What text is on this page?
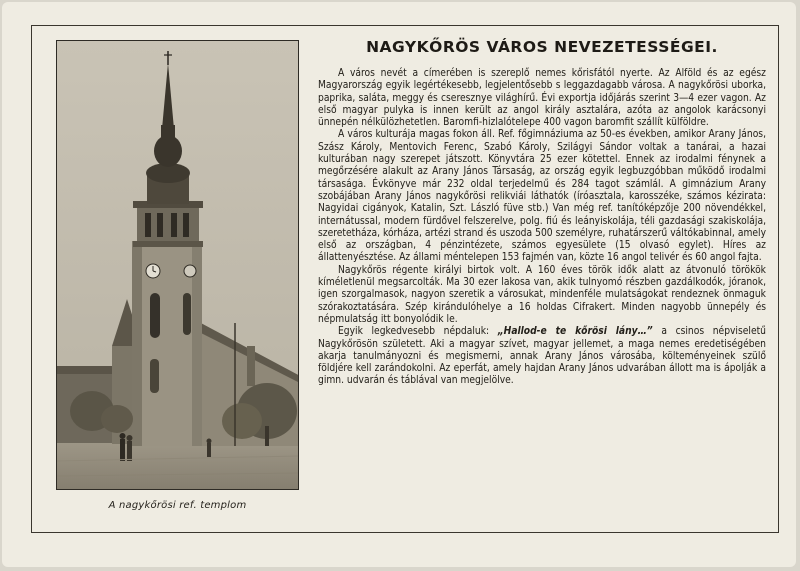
A nagykőrösi ref. templom
NAGYKŐRÖS VÁROS NEVEZETESSÉGEI.

A város nevét a címerében is szereplő nemes kőrisfától nyerte. Az Alföld és az egész Magyarország egyik legértékesebb, legjelentősebb s leggazdagabb városa. A nagykőrösi uborka, paprika, saláta, meggy és cseresznye világhírű. Évi exportja időjárás szerint 3—4 ezer vagon. Az első magyar pulyka is innen került az angol király asztalára, azóta az angolok karácsonyi ünnepén nélkülözhetetlen. Baromfi-hizlalótelepe 400 vagon baromfit szállít külföldre.

A város kulturája magas fokon áll. Ref. főgimnáziuma az 50-es években, amikor Arany János, Szász Károly, Mentovich Ferenc, Szabó Károly, Szilágyi Sándor voltak a tanárai, a hazai kulturában nagy szerepet játszott. Könyvtára 25 ezer kötettel. Ennek az irodalmi fénynek a megőrzésére alakult az Arany János Társaság, az ország egyik legbuzgóbban működő irodalmi társasága. Évkönyve már 232 oldal terjedelmű és 284 tagot számlál. A gimnázium Arany szobájában Arany János nagykőrösi relikviái láthatók (íróasztala, karosszéke, számos kézirata: Nagyidai cigányok, Katalin, Szt. László füve stb.) Van még ref. tanítóképzője 200 növendékkel, internátussal, modern fürdővel felszerelve, polg. fiú és leányiskolája, téli gazdasági szakiskolája, szeretetháza, kórháza, artézi strand és uszoda 500 személyre, ruhatárszerű váltókabinnal, amely első az országban, 4 pénzintézete, számos egyesülete (15 olvasó egylet). Híres az állattenyésztése. Az állami méntelepen 153 fajmén van, közte 16 angol telivér és 60 angol fajta.

Nagykőrös régente királyi birtok volt. A 160 éves török idők alatt az átvonuló törökök kíméletlenül megsarcolták. Ma 30 ezer lakosa van, akik tulnyomó részben gazdálkodók, jóranok, igen szorgalmasok, nagyon szeretik a városukat, mindenféle mulatságokat rendeznek önmaguk szórakoztatására. Szép kirándulóhelye a 16 holdas Cifrakert. Minden nagyobb ünnepély és népmulatság itt bonyolódik le.

Egyik legkedvesebb népdaluk: „Hallod-e te kőrösi lány…” a csinos népviseletű Nagykőrösön született. Aki a magyar szívet, magyar jellemet, a maga nemes eredetiségében akarja tanulmányozni és megismerni, annak Arany János városába, költeményeinek szülő földjére kell zarándokolni. Az eperfát, amely hajdan Arany János udvarában állott ma is ápolják a gimn. udvarán és táblával van megjelölve.
